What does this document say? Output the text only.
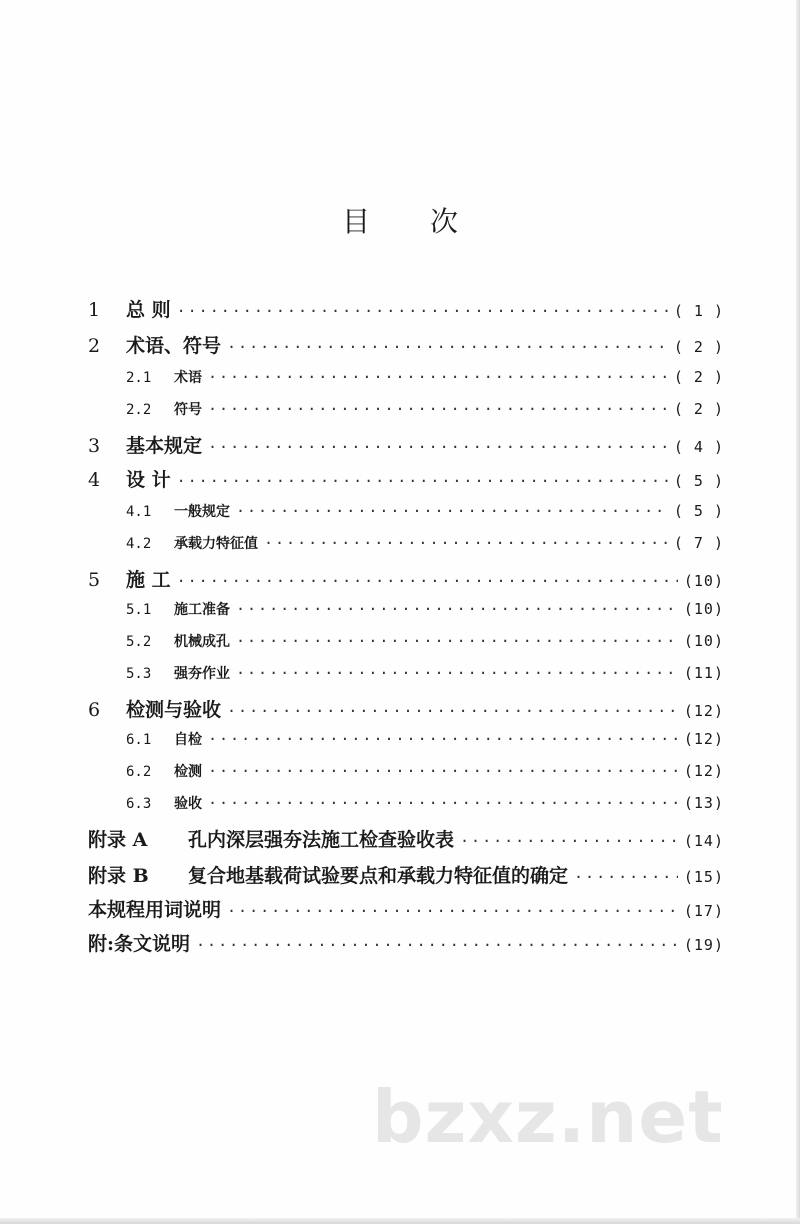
目 次
1	总 则 ·····	( 1 )
2	术语、符号 ·····	( 2 )
2.1	术语 ·····	( 2 )
2.2	符号 ·····	( 2 )
3	基本规定 ·····	( 4 )
4	设 计 ·····	( 5 )
4.1	一般规定 ·····	( 5 )
4.2	承载力特征值 ·····	( 7 )
5	施 工 ·····	(10)
5.1	施工准备 ·····	(10)
5.2	机械成孔 ·····	(10)
5.3	强夯作业 ·····	(11)
6	检测与验收 ·····	(12)
6.1	自检 ·····	(12)
6.2	检测 ·····	(12)
6.3	验收 ·····	(13)
附录 A	孔内深层强夯法施工检查验收表 ·····	(14)
附录 B	复合地基载荷试验要点和承载力特征值的确定 ·····	(15)
本规程用词说明 ·····	(17)
附:条文说明 ·····	(19)
bzxz.net
